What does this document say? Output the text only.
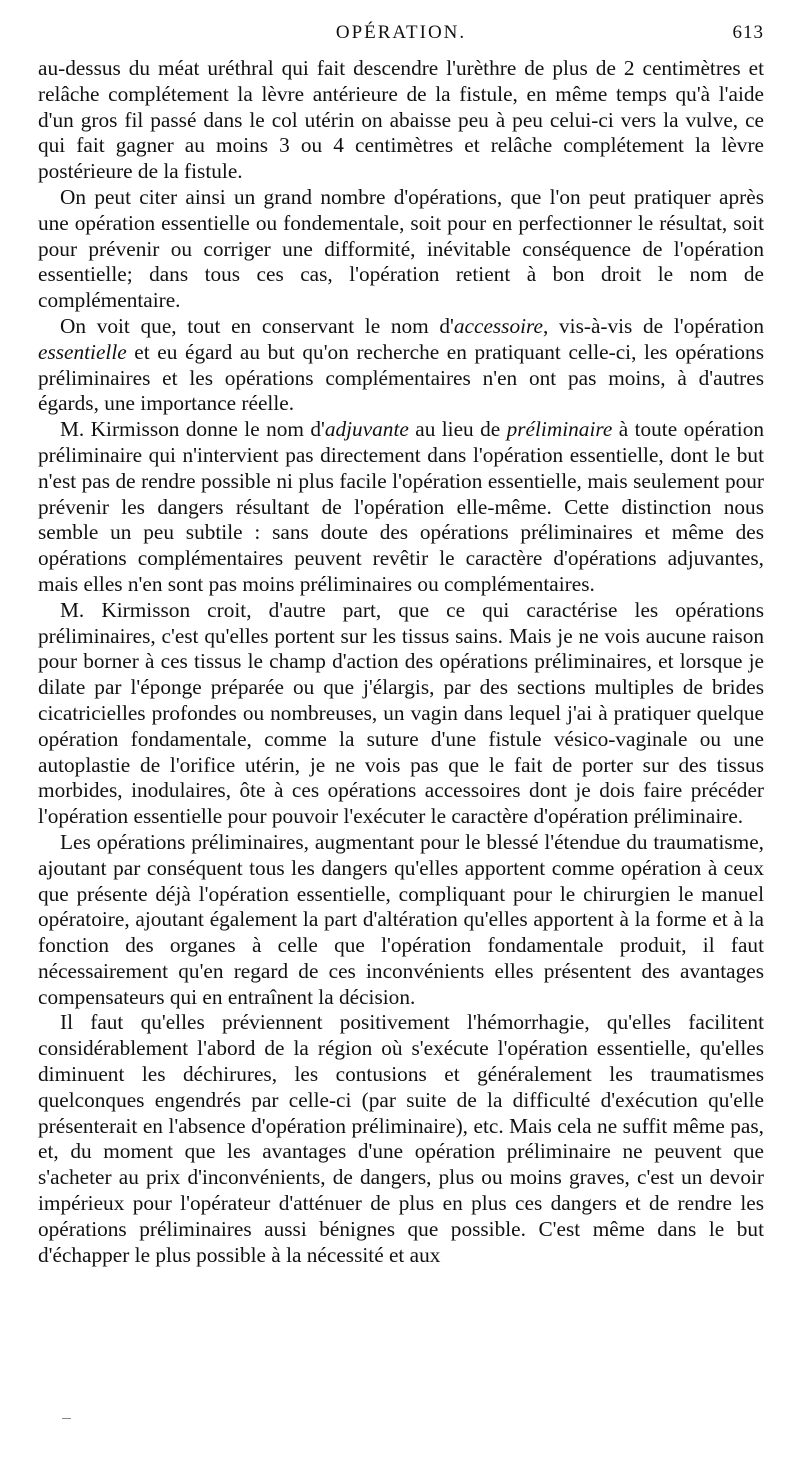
OPÉRATION.	613

au-dessus du méat uréthral qui fait descendre l'urèthre de plus de 2 centimètres et relâche complétement la lèvre antérieure de la fistule, en même temps qu'à l'aide d'un gros fil passé dans le col utérin on abaisse peu à peu celui-ci vers la vulve, ce qui fait gagner au moins 3 ou 4 centimètres et relâche complétement la lèvre postérieure de la fistule.

On peut citer ainsi un grand nombre d'opérations, que l'on peut pratiquer après une opération essentielle ou fondementale, soit pour en perfectionner le résultat, soit pour prévenir ou corriger une difformité, inévitable conséquence de l'opération essentielle; dans tous ces cas, l'opération retient à bon droit le nom de complémentaire.

On voit que, tout en conservant le nom d'accessoire, vis-à-vis de l'opération essentielle et eu égard au but qu'on recherche en pratiquant celle-ci, les opérations préliminaires et les opérations complémentaires n'en ont pas moins, à d'autres égards, une importance réelle.

M. Kirmisson donne le nom d'adjuvante au lieu de préliminaire à toute opération préliminaire qui n'intervient pas directement dans l'opération essentielle, dont le but n'est pas de rendre possible ni plus facile l'opération essentielle, mais seulement pour prévenir les dangers résultant de l'opération elle-même. Cette distinction nous semble un peu subtile : sans doute des opérations préliminaires et même des opérations complémentaires peuvent revêtir le caractère d'opérations adjuvantes, mais elles n'en sont pas moins préliminaires ou complémentaires.

M. Kirmisson croit, d'autre part, que ce qui caractérise les opérations préliminaires, c'est qu'elles portent sur les tissus sains. Mais je ne vois aucune raison pour borner à ces tissus le champ d'action des opérations préliminaires, et lorsque je dilate par l'éponge préparée ou que j'élargis, par des sections multiples de brides cicatricielles profondes ou nombreuses, un vagin dans lequel j'ai à pratiquer quelque opération fondamentale, comme la suture d'une fistule vésico-vaginale ou une autoplastie de l'orifice utérin, je ne vois pas que le fait de porter sur des tissus morbides, inodulaires, ôte à ces opérations accessoires dont je dois faire précéder l'opération essentielle pour pouvoir l'exécuter le caractère d'opération préliminaire.

Les opérations préliminaires, augmentant pour le blessé l'étendue du traumatisme, ajoutant par conséquent tous les dangers qu'elles apportent comme opération à ceux que présente déjà l'opération essentielle, compliquant pour le chirurgien le manuel opératoire, ajoutant également la part d'altération qu'elles apportent à la forme et à la fonction des organes à celle que l'opération fondamentale produit, il faut nécessairement qu'en regard de ces inconvénients elles présentent des avantages compensateurs qui en entraînent la décision.

Il faut qu'elles préviennent positivement l'hémorrhagie, qu'elles facilitent considérablement l'abord de la région où s'exécute l'opération essentielle, qu'elles diminuent les déchirures, les contusions et généralement les traumatismes quelconques engendrés par celle-ci (par suite de la difficulté d'exécution qu'elle présenterait en l'absence d'opération préliminaire), etc. Mais cela ne suffit même pas, et, du moment que les avantages d'une opération préliminaire ne peuvent que s'acheter au prix d'inconvénients, de dangers, plus ou moins graves, c'est un devoir impérieux pour l'opérateur d'atténuer de plus en plus ces dangers et de rendre les opérations préliminaires aussi bénignes que possible. C'est même dans le but d'échapper le plus possible à la nécessité et aux
